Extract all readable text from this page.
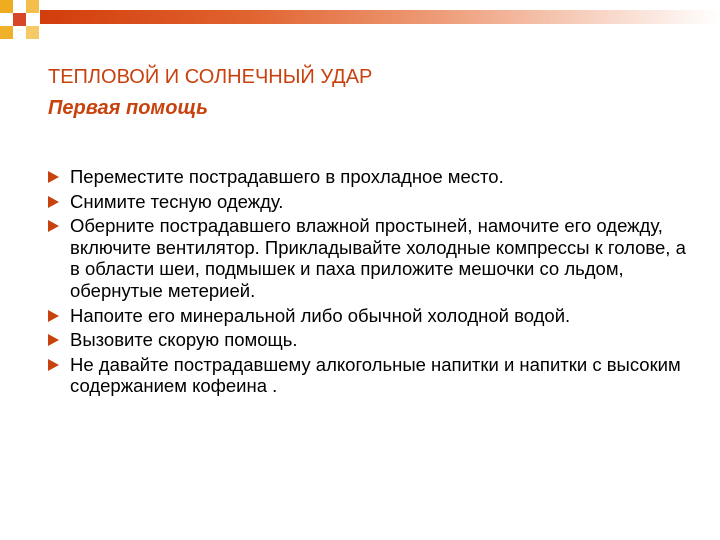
ТЕПЛОВОЙ И СОЛНЕЧНЫЙ УДАР
Первая помощь
Переместите пострадавшего в прохладное место.
Снимите тесную одежду.
Оберните пострадавшего влажной простыней, намочите его одежду, включите вентилятор. Прикладывайте холодные компрессы к голове, а в области шеи, подмышек и паха приложите мешочки со льдом, обернутые метерией.
Напоите его минеральной либо обычной холодной водой.
Вызовите скорую помощь.
Не давайте пострадавшему алкогольные напитки и напитки с высоким содержанием кофеина .
